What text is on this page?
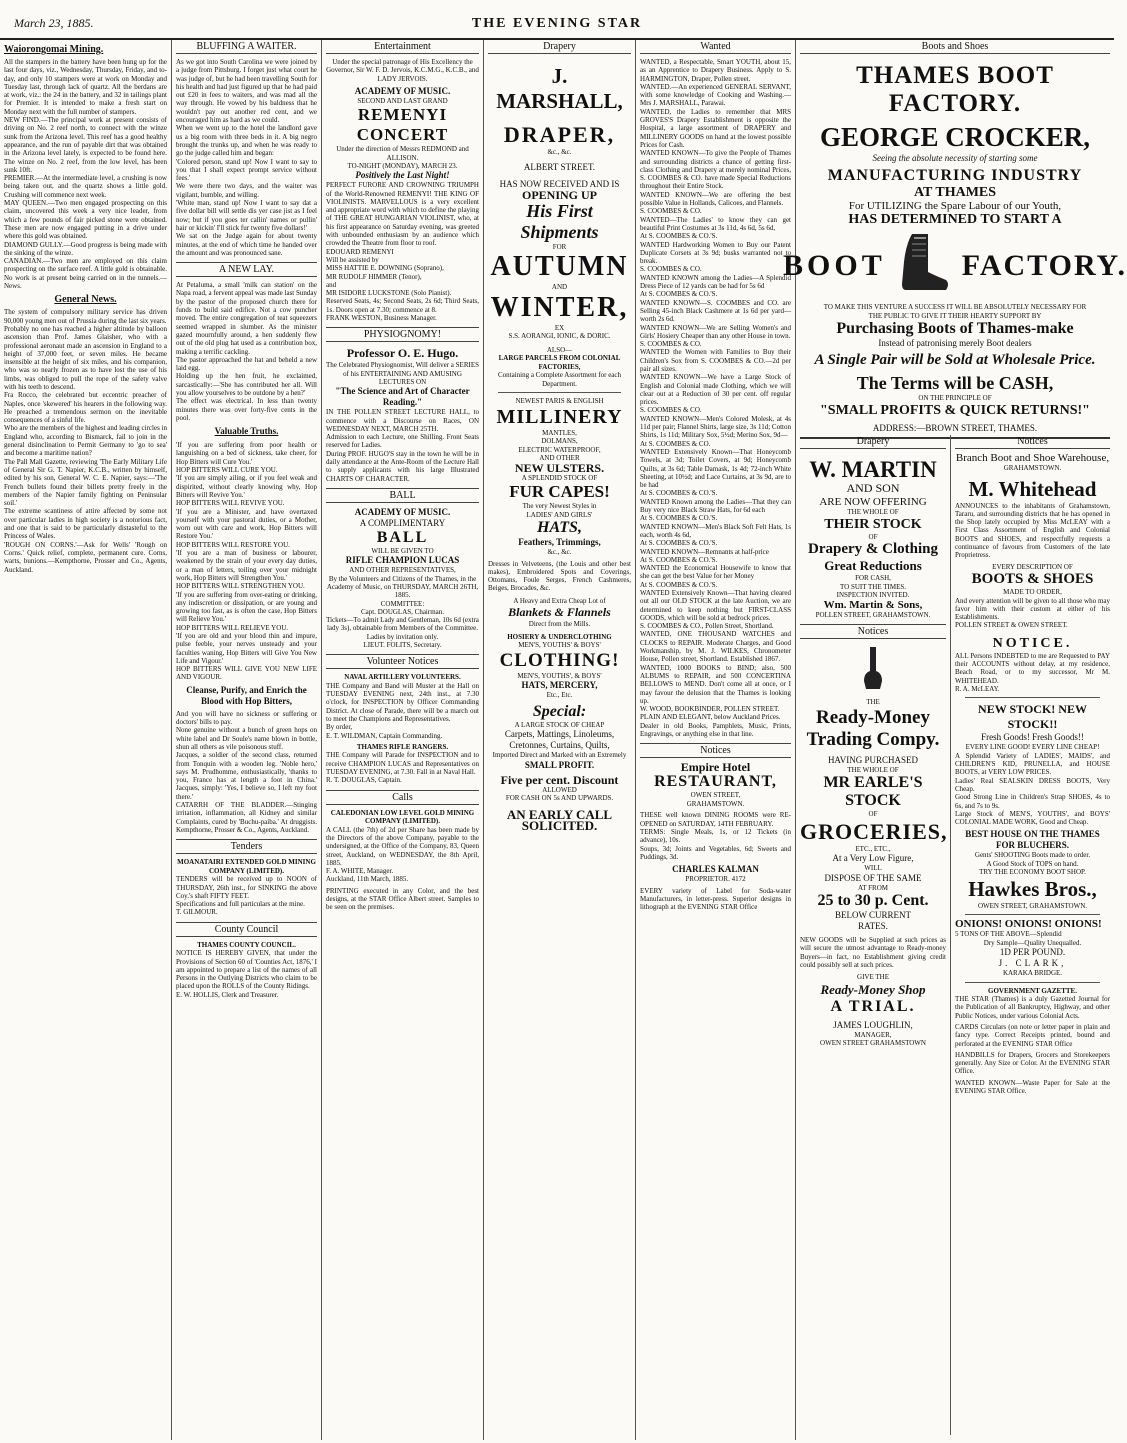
March 23, 1885.	THE EVENING STAR
Waiorongomai Mining.
All the stampers in the battery have been hung up for the last four days, viz., Wednesday, Thursday, Friday, and to-day, and only 10 stampers were at work on Monday and Tuesday last, through lack of quartz. All the berdans are at work, viz.: the 24 in the battery, and 32 in tailings plant for Premier. It is intended to make a fresh start on Monday next with the full number of stampers.
NEW FIND.—The principal work at present consists of driving on No. 2 reef north, to connect with the winze sunk from the Arizona level. This reef has a good healthy appearance, and the run of payable dirt that was obtained in the Arizona level lately, is expected to be found here. The winze on No. 2 reef, from the low level, has been sunk 10ft.
PREMIER.—At the intermediate level, a crushing is now being taken out, and the quartz shows a little gold. Crushing will commence next week.
MAY QUEEN.—Two men engaged prospecting on this claim, uncovered this week a very nice leader, from which a few pounds of fair picked stone were obtained. These men are now engaged putting in a drive under where this gold was obtained.
DIAMOND GULLY.—Good progress is being made with the sinking of the winze.
CANADIAN.—Two men are employed on this claim prospecting on the surface reef. A little gold is obtainable. No work is at present being carried on in the tunnels.—News.
General News.
The system of compulsory military service has driven 90,000 young men out of Prussia during the last six years.
Probably no one has reached a higher altitude by balloon ascension than Prof. James Glaisher, who with a professional aeronaut made an ascension in England to a height of 37,000 feet, or seven miles. He became insensible at the height of six miles, and his companion, who was so nearly frozen as to have lost the use of his limbs, was obliged to pull the rope of the safety valve with his teeth to descend.
Fra Rocco, the celebrated but eccentric preacher of Naples, once 'skewered' his hearers in the following way. He preached a tremendous sermon on the inevitable consequences of a sinful life.
Who are the members of the highest and leading circles in England who, according to Bismarck, fail to join in the general disinclination to Permit Germany to 'go to sea' and become a maritime nation?
The Pall Mall Gazette, reviewing 'The Early Military Life of General Sir G. T. Napier, K.C.B., written by himself, edited by his son, General W. C. E. Napier, says:—'The French bullets found their billets pretty freely in the members of the Napier family fighting on Peninsular soil.'
The extreme scantiness of attire affected by some not over particular ladies in high society is a notorious fact, and one that is said to be particularly distasteful to the Princess of Wales.
'ROUGH ON CORNS.'—Ask for Wells' 'Rough on Corns.' Quick relief, complete, permanent cure. Corns, warts, bunions.—Kempthorne, Prosser and Co., Agents, Auckland.
BLUFFING A WAITER.
As we got into South Carolina we were joined by a judge from Pittsburg. I forget just what court he was judge of, but he had been travelling South for his health and had just figured up that he had paid out £20 in fees to waiters, and was mad all the way through. He vowed by his baldness that he wouldn't pay out another red cent, and we encouraged him as hard as we could.
When we went up to the hotel the landlord gave us a big room with three beds in it. A big negro brought the trunks up, and when he was ready to go the judge called him and began:
'Colored person, stand up! Now I want to say to you that I shall expect prompt service without fees.'
We were there two days, and the waiter was vigilant, humble, and willing.
'White man, stand up! Now I want to say dat a five dollar bill will settle dis yer case jist as I feel now; but if you goes ter callin' names or pullin' hair or kickin' I'll stick fur twenty five dollars!'
We sat on the Judge again for about twenty minutes, at the end of which time he handed over the amount and was pronounced sane.
A NEW LAY.
At Petaluma, a small 'milk can station' on the Napa road, a fervent appeal was made last Sunday by the pastor of the proposed church there for funds to build said edifice. Not a cow puncher moved. The entire congregation of teat squeezers seemed wrapped in slumber. As the minister gazed mournfully around, a hen suddenly flew out of the old plug hat used as a contribution box, making a terrific cackling.
The pastor approached the hat and beheld a new laid egg.
Holding up the hen fruit, he exclaimed, sarcastically:—'She has contributed her all. Will you allow yourselves to be outdone by a hen?'
The effect was electrical. In less than twenty minutes there was over forty-five cents in the pool.
Valuable Truths.
'If you are suffering from poor health or languishing on a bed of sickness, take cheer, for Hop Bitters will Cure You.'
HOP BITTERS WILL CURE YOU.
'If you are simply ailing, or if you feel weak and dispirited, without clearly knowing why, Hop Bitters will Revive You.'
HOP BITTERS WILL REVIVE YOU.
'If you are a Minister, and have overtaxed yourself with your pastoral duties, or a Mother, worn out with care and work, Hop Bitters will Restore You.'
HOP BITTERS WILL RESTORE YOU.
'If you are a man of business or labourer, weakened by the strain of your every day duties, or a man of letters, toiling over your midnight work, Hop Bitters will Strengthen You.'
HOP BITTERS WILL STRENGTHEN YOU.
'If you are suffering from over-eating or drinking, any indiscretion or dissipation, or are young and growing too fast, as is often the case, Hop Bitters will Relieve You.'
HOP BITTERS WILL RELIEVE YOU.
'If you are old and your blood thin and impure, pulse feeble, your nerves unsteady and your faculties waning, Hop Bitters will Give You New Life and Vigour.'
HOP BITTERS WILL GIVE YOU NEW LIFE AND VIGOUR.
Cleanse, Purify, and Enrich the Blood with Hop Bitters,
And you will have no sickness or suffering or doctors' bills to pay.
None genuine without a bunch of green hops on white label and Dr Soule's name blown in bottle, shun all others as vile poisonous stuff.
Jacques, a soldier of the second class, returned from Tonquin with a wooden leg. 'Noble hero,' says M. Prudhomme, enthusiastically, 'thanks to you, France has at length a foot in China.' Jacques, simply: 'Yes, I believe so, I left my foot there.'
CATARRH OF THE BLADDER.—Stinging irritation, inflammation, all Kidney and similar Complaints, cured by 'Buchu-paiba.' At druggists. Kempthorne, Prosser & Co., Agents, Auckland.
Tenders
MOANATAIRI EXTENDED GOLD MINING COMPANY (LIMITED).
TENDERS will be received up to NOON of THURSDAY, 26th inst., for SINKING the above Coy.'s shaft FIFTY FEET.
Specifications and full particulars at the mine.
T. GILMOUR.
County Council
THAMES COUNTY COUNCIL.
NOTICE IS HEREBY GIVEN, that under the Provisions of Section 60 of 'Counties Act, 1876,' I am appointed to prepare a list of the names of all Persons in the Outlying Districts who claim to be placed upon the ROLLS of the County Ridings.
E. W. HOLLIS, Clerk and Treasurer.
Entertainment
Under the special patronage of His Excellency the Governor, Sir W. F. D. Jervois, K.C.M.G., K.C.B., and LADY JERVOIS.
ACADEMY OF MUSIC.
SECOND AND LAST GRAND
REMENYI CONCERT
Under the direction of Messrs REDMOND and ALLISON.
TO-NIGHT (MONDAY), MARCH 23.
Positively the Last Night!
PERFECT FURORE AND CROWNING TRIUMPH of the World-Renowned REMENYI! THE KING OF VIOLINISTS. MARVELLOUS is a very excellent and appropriate word with which to define the playing of THE GREAT HUNGARIAN VIOLINIST, who, at his first appearance on Saturday evening, was greeted with unbounded enthusiasm by an audience which crowded the Theatre from floor to roof.
EDOUARD REMENYI
Will be assisted by
MISS HATTIE E. DOWNING (Soprano),
MR RUDOLF HIMMER (Tenor),
and
MR ISIDORE LUCKSTONE (Solo Pianist).
Reserved Seats, 4s; Second Seats, 2s 6d; Third Seats, 1s. Doors open at 7.30; commence at 8.
FRANK WESTON, Business Manager.
PHYSIOGNOMY!
Professor O. E. Hugo.
The Celebrated Physiognomist, Will deliver a SERIES of his ENTERTAINING AND AMUSING LECTURES ON
"The Science and Art of Character Reading."
IN THE POLLEN STREET LECTURE HALL, to commence with a Discourse on Races, ON WEDNESDAY NEXT, MARCH 25TH.
Admission to each Lecture, one Shilling. Front Seats reserved for Ladies.
During PROF. HUGO'S stay in the town he will be in daily attendance at the Ante-Room of the Lecture Hall to supply applicants with his large Illustrated CHARTS OF CHARACTER.
BALL
ACADEMY OF MUSIC.
A COMPLIMENTARY
BALL
WILL BE GIVEN TO
RIFLE CHAMPION LUCAS
AND OTHER REPRESENTATIVES,
By the Volunteers and Citizens of the Thames, in the Academy of Music, on THURSDAY, MARCH 26TH, 1885.
COMMITTEE:
Capt. DOUGLAS, Chairman.
Tickets—To admit Lady and Gentleman, 10s 6d (extra lady 3s), obtainable from Members of the Committee.
Ladies by invitation only.
LIEUT. FOLITS, Secretary.
Volunteer Notices
NAVAL ARTILLERY VOLUNTEERS.
THE Company and Band will Muster at the Hall on TUESDAY EVENING next, 24th inst., at 7.30 o'clock, for INSPECTION by Officer Commanding District. At close of Parade, there will be a march out to meet the Champions and Representatives.
By order,
E. T. WILDMAN, Captain Commanding.
THAMES RIFLE RANGERS.
THE Company will Parade for INSPECTION and to receive CHAMPION LUCAS and Representatives on TUESDAY EVENING, at 7.30. Fall in at Naval Hall.
R. T. DOUGLAS, Captain.
Calls
CALEDONIAN LOW LEVEL GOLD MINING COMPANY (LIMITED).
A CALL (the 7th) of 2d per Share has been made by the Directors of the above Company, payable to the undersigned, at the Office of the Company, 83, Queen street, Auckland, on WEDNESDAY, the 8th April, 1885.
F. A. WHITE, Manager.
Auckland, 11th March, 1885.
PRINTING executed in any Color, and the best designs, at the STAR Office Albert street. Samples to be seen on the premises.
Drapery
J. MARSHALL,
DRAPER,
&c., &c.
ALBERT STREET.
HAS NOW RECEIVED AND IS
OPENING UP
His First
Shipments
FOR
AUTUMN
AND
WINTER,
EX
S.S. AORANGI, IONIC, & DORIC.
ALSO—
LARGE PARCELS FROM COLONIAL FACTORIES,
Containing a Complete Assortment for each Department.
NEWEST PARIS & ENGLISH
MILLINERY
MANTLES,
DOLMANS,
ELECTRIC WATERPROOF,
AND OTHER
NEW ULSTERS.
A SPLENDID STOCK OF
FUR CAPES!
The very Newest Styles in
LADIES' AND GIRLS'
HATS,
Feathers, Trimmings,
&c., &c.
Dresses in Velveteens, (the Louis and other best makes), Embroidered Spots and Coverings, Ottomans, Foule Serges, French Cashmeres, Beiges, Brocades, &c.
A Heavy and Extra Cheap Lot of
Blankets & Flannels
Direct from the Mills.
HOSIERY & UNDERCLOTHING
MEN'S, YOUTHS' & BOYS'
CLOTHING!
MEN'S, YOUTHS', & BOYS'
HATS, MERCERY,
Etc., Etc.
Special:
A LARGE STOCK OF CHEAP
Carpets, Mattings, Linoleums, Cretonnes, Curtains, Quilts,
Imported Direct and Marked with an Extremely
SMALL PROFIT.
Five per cent. Discount
ALLOWED
FOR CASH ON 5s AND UPWARDS.
AN EARLY CALL
SOLICITED.
Wanted
WANTED, a Respectable, Smart YOUTH, about 15, as an Apprentice to Drapery Business. Apply to S. HARMINGTON, Draper, Pollen street.
WANTED.—An experienced GENERAL SERVANT, with some knowledge of Cooking and Washing.—Mrs J. MARSHALL, Parawai.
WANTED, the Ladies to remember that MRS GROVES'S Drapery Establishment is opposite the Hospital, a large assortment of DRAPERY and MILLINERY GOODS on hand at the lowest possible Prices for Cash.
WANTED KNOWN—To give the People of Thames and surrounding districts a chance of getting first-class Clothing and Drapery at merely nominal Prices, S. COOMBES & CO. have made Special Reductions throughout their Entire Stock.
WANTED KNOWN—We are offering the best possible Value in Hollands, Calicoes, and Flannels.
S. COOMBES & CO.
WANTED—The Ladies' to know they can get beautiful Print Costumes at 3s 11d, 4s 6d, 5s 6d,
At S. COOMBES & CO.'S.
WANTED Hardworking Women to Buy our Patent Duplicate Corsets at 3s 9d; busks warranted not to break.
S. COOMBES & CO.
WANTED KNOWN among the Ladies—A Splendid Dress Piece of 12 yards can be had for 5s 6d
At S. COOMBES & CO.'S.
WANTED KNOWN—S. COOMBES and CO. are Selling 45-inch Black Cashmere at 1s 6d per yard—worth 2s 6d.
WANTED KNOWN—We are Selling Women's and Girls' Hosiery Cheaper than any other House in town.
S. COOMBES & CO.
WANTED the Women with Families to Buy their Children's Sox from S. COOMBES & CO.—2d per pair all sizes.
WANTED KNOWN—We have a Large Stock of English and Colonial made Clothing, which we will clear out at a Reduction of 30 per cent. off regular prices.
S. COOMBES & CO.
WANTED KNOWN—Men's Colored Molesk, at 4s 11d per pair; Flannel Shirts, large size, 3s 11d; Cotton Shirts, 1s 11d; Military Sox, 5½d; Merino Sox, 9d—
At S. COOMBES & CO.
WANTED Extensively Known—That Honeycomb Towels, at 3d; Toilet Covers, at 9d; Honeycomb Quilts, at 3s 6d; Table Damask, 1s 4d; 72-inch White Sheeting, at 10½d; and Lace Curtains, at 3s 9d, are to be had
At S. COOMBES & CO.'S.
WANTED Known among the Ladies—That they can Buy very nice Black Straw Hats, for 6d each
At S. COOMBES & CO.'S.
WANTED KNOWN—Men's Black Soft Felt Hats, 1s each, worth 4s 6d,
At S. COOMBES & CO.'S.
WANTED KNOWN—Remnants at half-price
At S. COOMBES & CO.'S.
WANTED the Economical Housewife to know that she can get the best Value for her Money
At S. COOMBES & CO.'S.
WANTED Extensively Known—That having cleared out all our OLD STOCK at the late Auction, we are determined to keep nothing but FIRST-CLASS GOODS, which will be sold at bedrock prices.
S. COOMBES & CO., Pollen Street, Shortland.
WANTED, ONE THOUSAND WATCHES and CLOCKS to REPAIR. Moderate Charges, and Good Workmanship, by M. J. WILKES, Chronometer House, Pollen street, Shortland. Established 1867.
WANTED, 1000 BOOKS to BIND; also, 500 ALBUMS to REPAIR, and 500 CONCERTINA BELLOWS to MEND. Don't come all at once, or I may favour the delusion that the Thames is looking up.
W. WOOD, BOOKBINDER, POLLEN STREET.
PLAIN AND ELEGANT, below Auckland Prices.
Dealer in old Books, Pamphlets, Music, Prints, Engravings, or anything else in that line.
Notices
Empire Hotel
RESTAURANT,
OWEN STREET,
GRAHAMSTOWN.
THESE well known DINING ROOMS were RE-OPENED on SATURDAY, 14TH FEBRUARY.
TERMS: Single Meals, 1s, or 12 Tickets (in advance), 10s.
Soups, 3d; Joints and Vegetables, 6d; Sweets and Puddings, 3d.
CHARLES KALMAN
PROPRIETOR. 4172
EVERY variety of Label for Soda-water Manufacturers, in letter-press. Superior designs in lithograph at the EVENING STAR Office
Boots and Shoes
THAMES BOOT FACTORY.
GEORGE CROCKER,
Seeing the absolute necessity of starting some
MANUFACTURING INDUSTRY
AT THAMES
For UTILIZING the Spare Labour of our Youth,
HAS DETERMINED TO START A
BOOT	FACTORY.
TO MAKE THIS VENTURE A SUCCESS IT WILL BE ABSOLUTELY NECESSARY FOR THE PUBLIC TO GIVE IT THEIR HEARTY SUPPORT BY
Purchasing Boots of Thames-make
Instead of patronising merely Boot dealers
A Single Pair will be Sold at Wholesale Price.
The Terms will be CASH,
ON THE PRINCIPLE OF
"SMALL PROFITS & QUICK RETURNS!"
ADDRESS:—BROWN STREET, THAMES.
Drapery
W. MARTIN
AND SON
ARE NOW OFFERING
THE WHOLE OF
THEIR STOCK
OF
Drapery & Clothing
Great Reductions
FOR CASH,
TO SUIT THE TIMES.
INSPECTION INVITED.
Wm. Martin & Sons,
POLLEN STREET, GRAHAMSTOWN.
Notices
THE
Ready-Money
Trading Compy.
HAVING PURCHASED
THE WHOLE OF
MR EARLE'S
STOCK
OF
GROCERIES,
ETC., ETC.,
At a Very Low Figure,
WILL
DISPOSE OF THE SAME
AT FROM
25 to 30 p. Cent.
BELOW CURRENT
RATES.
NEW GOODS will be Supplied at such prices as will secure the utmost advantage to Ready-money Buyers—in fact, no Establishment giving credit could possibly sell at such prices.
GIVE THE
Ready-Money Shop
A TRIAL.
JAMES LOUGHLIN,
MANAGER,
OWEN STREET GRAHAMSTOWN
Notices
Branch Boot and Shoe Warehouse,
GRAHAMSTOWN.
M. Whitehead
ANNOUNCES to the inhabitants of Grahamstown, Tararu, and surrounding districts that he has opened in the Shop lately occupied by Miss McLEAY with a First Class Assortment of English and Colonial BOOTS and SHOES, and respectfully requests a continuance of favours from Customers of the late Proprietress.
EVERY DESCRIPTION OF
BOOTS & SHOES
MADE TO ORDER,
And every attention will be given to all those who may favor him with their custom at either of his Establishments.
POLLEN STREET & OWEN STREET.
NOTICE.
ALL Persons INDEBTED to me are Requested to PAY their ACCOUNTS without delay, at my residence, Beach Road, or to my successor, Mr M. WHITEHEAD.
R. A. McLEAY.
NEW STOCK! NEW STOCK!!
Fresh Goods! Fresh Goods!!
EVERY LINE GOOD! EVERY LINE CHEAP!
A Splendid Variety of LADIES', MAIDS', and CHILDREN'S KID, PRUNELLA, and HOUSE BOOTS, at VERY LOW PRICES.
Ladies' Real SEALSKIN DRESS BOOTS, Very Cheap.
Good Strong Line in Children's Strap SHOES, 4s to 6s, and 7s to 9s.
Large Stock of MEN'S, YOUTHS', and BOYS' COLONIAL MADE WORK, Good and Cheap.
BEST HOUSE ON THE THAMES FOR BLUCHERS.
Gents' SHOOTING Boots made to order.
A Good Stock of TOPS on hand.
TRY THE ECONOMY BOOT SHOP.
Hawkes Bros.,
OWEN STREET, GRAHAMSTOWN.
ONIONS! ONIONS! ONIONS!
5 TONS OF THE ABOVE—Splendid
Dry Sample—Quality Unequalled.
1D PER POUND.
J. CLARK,
KARAKA BRIDGE.
GOVERNMENT GAZETTE.
THE STAR (Thames) is a duly Gazetted Journal for the Publication of all Bankruptcy, Highway, and other Public Notices, under various Colonial Acts.
CARDS Circulars (on note or letter paper in plain and fancy type. Correct Receipts printed, bound and perforated at the EVENING STAR Office
HANDBILLS for Drapers, Grocers and Storekeepers generally. Any Size or Color. At the EVENING STAR Office.
WANTED KNOWN—Waste Paper for Sale at the EVENING STAR Office.
